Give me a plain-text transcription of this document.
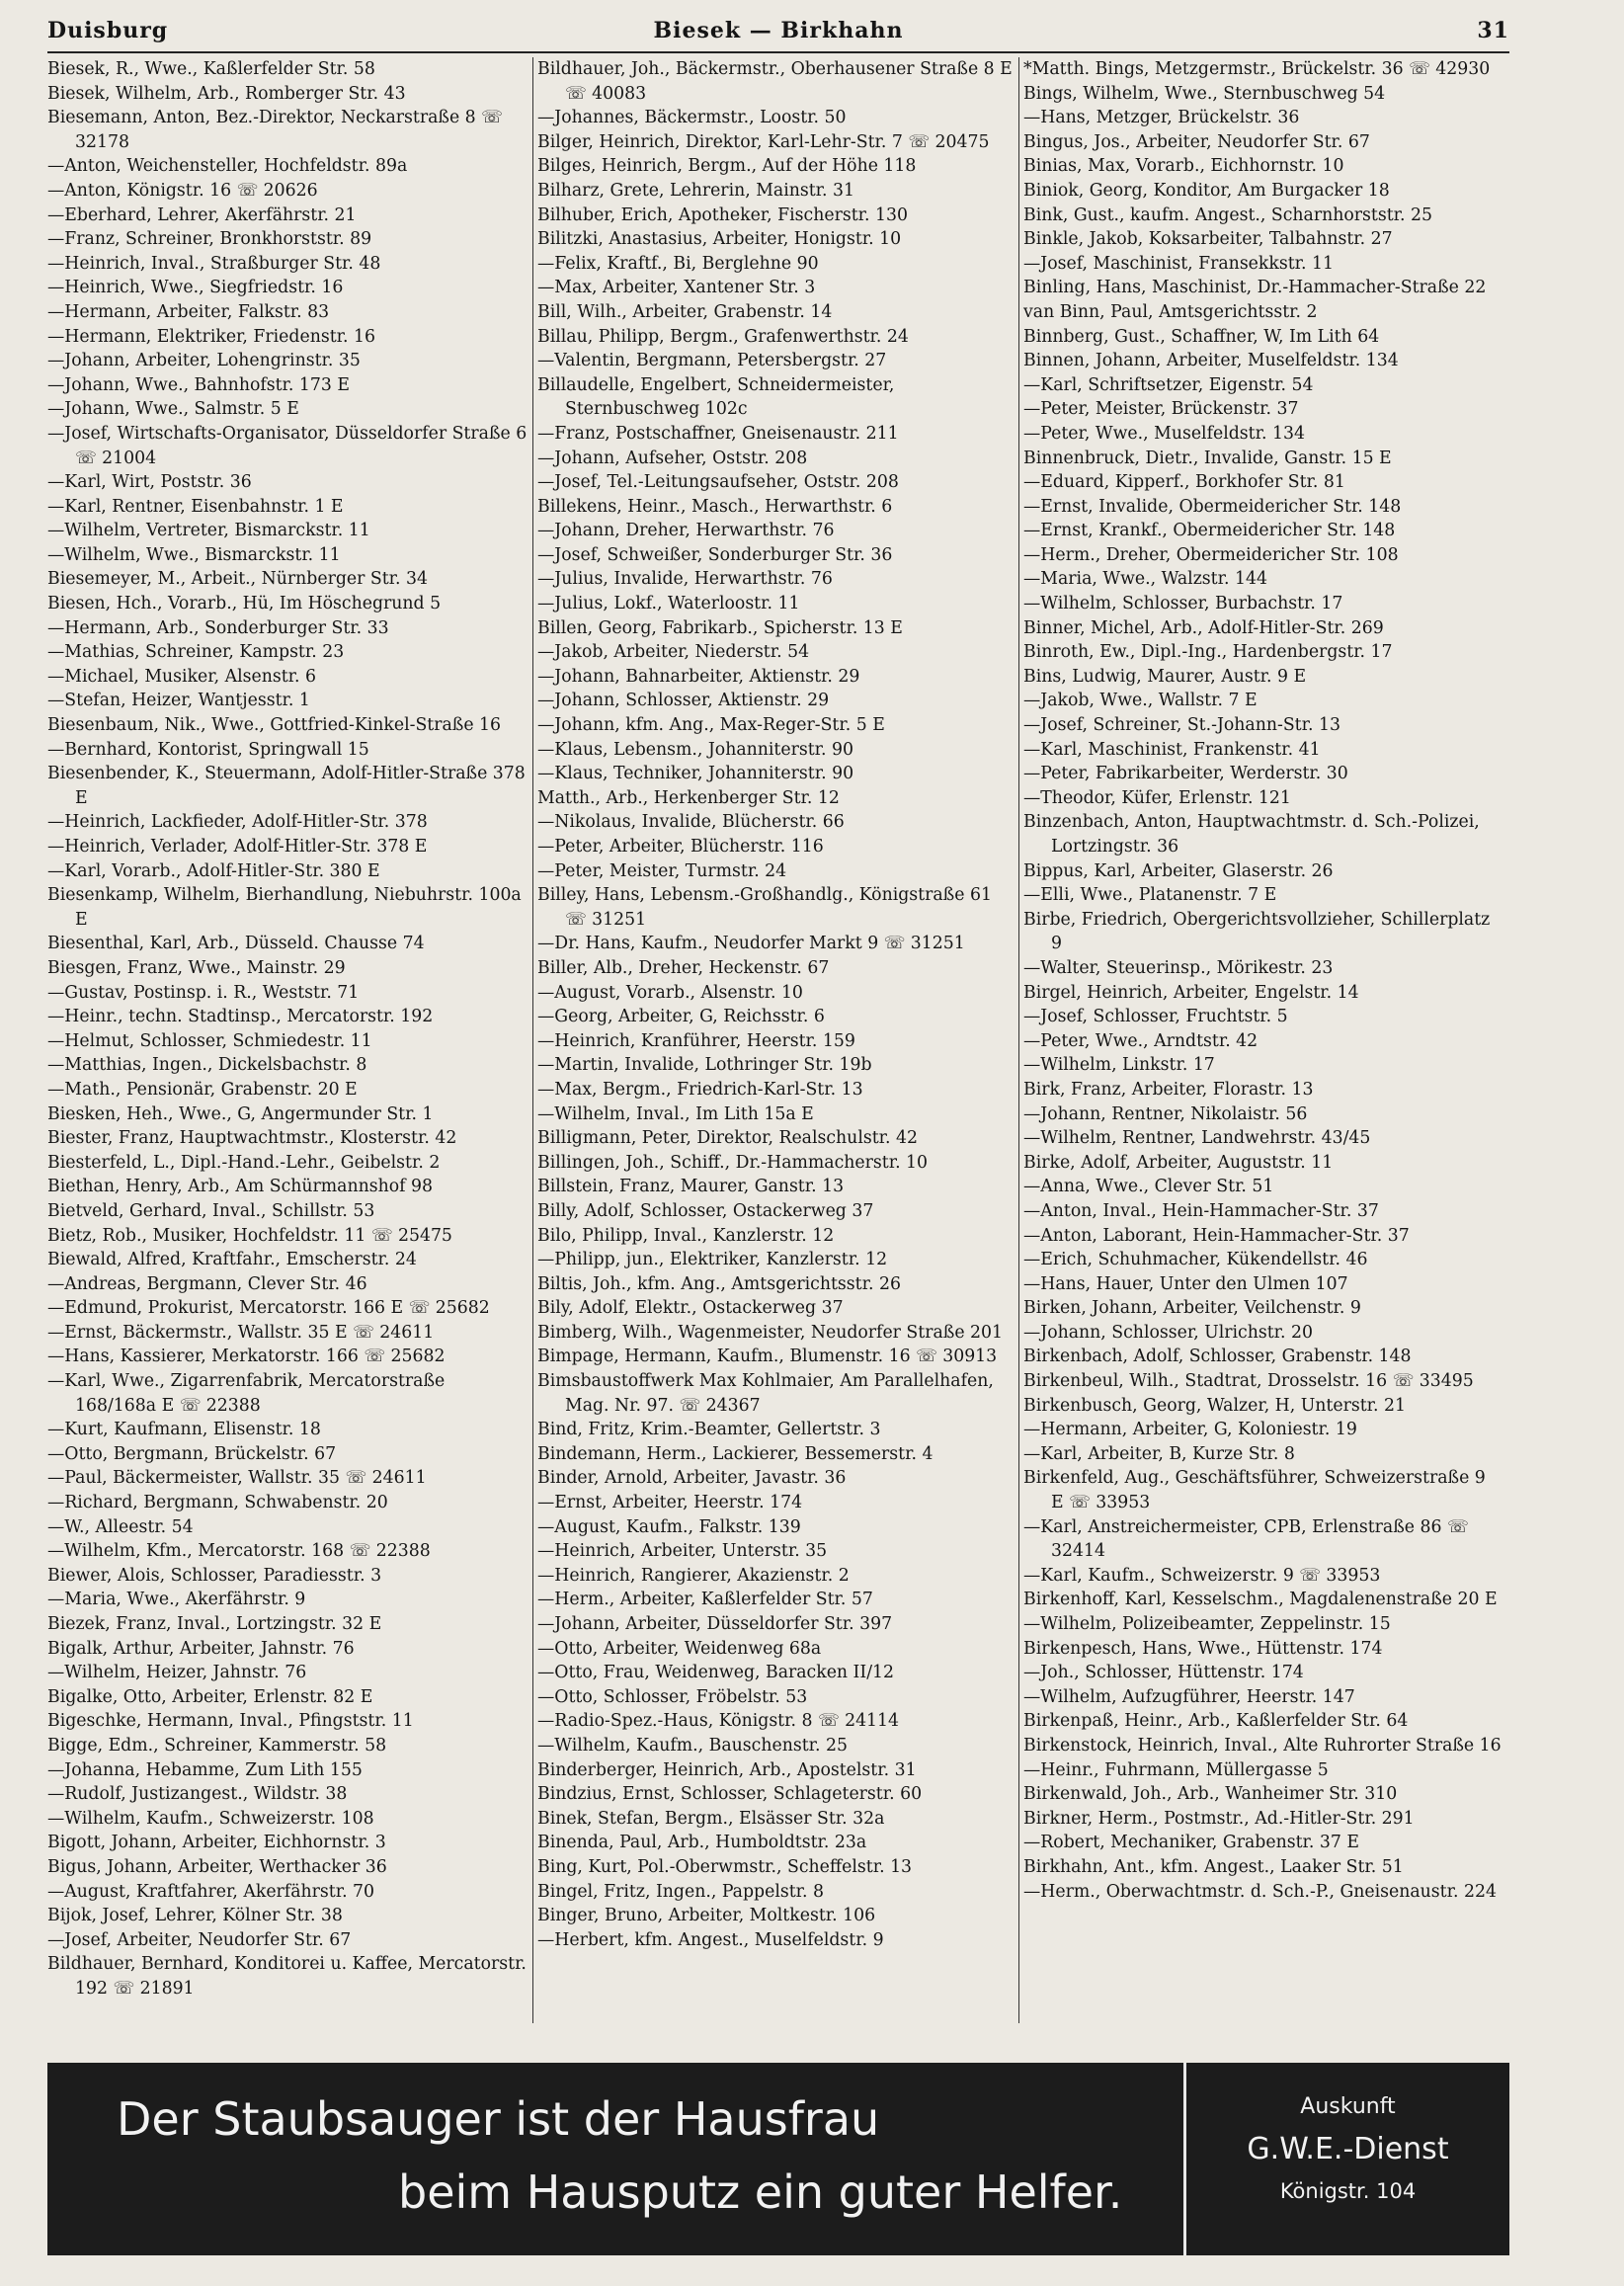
Duisburg	Biesek — Birkhahn	31
Biesek, R., Wwe., Kaßlerfelder Str. 58
Biesek, Wilhelm, Arb., Romberger Str. 43
Biesemann, Anton, Bez.-Direktor, Neckarstraße 8 ☏ 32178
—Anton, Weichensteller, Hochfeldstr. 89a
—Anton, Königstr. 16 ☏ 20626
—Eberhard, Lehrer, Akerfährstr. 21
—Franz, Schreiner, Bronkhorststr. 89
—Heinrich, Inval., Straßburger Str. 48
—Heinrich, Wwe., Siegfriedstr. 16
—Hermann, Arbeiter, Falkstr. 83
—Hermann, Elektriker, Friedenstr. 16
—Johann, Arbeiter, Lohengrinstr. 35
—Johann, Wwe., Bahnhofstr. 173 E
—Johann, Wwe., Salmstr. 5 E
—Josef, Wirtschafts-Organisator, Düsseldorfer Straße 6 ☏ 21004
—Karl, Wirt, Poststr. 36
—Karl, Rentner, Eisenbahnstr. 1 E
—Wilhelm, Vertreter, Bismarckstr. 11
—Wilhelm, Wwe., Bismarckstr. 11
Biesemeyer, M., Arbeit., Nürnberger Str. 34
Biesen, Hch., Vorarb., Hü, Im Höschegrund 5
—Hermann, Arb., Sonderburger Str. 33
—Mathias, Schreiner, Kampstr. 23
—Michael, Musiker, Alsenstr. 6
—Stefan, Heizer, Wantjesstr. 1
Biesenbaum, Nik., Wwe., Gottfried-Kinkel-Straße 16
—Bernhard, Kontorist, Springwall 15
Biesenbender, K., Steuermann, Adolf-Hitler-Straße 378 E
—Heinrich, Lackfieder, Adolf-Hitler-Str. 378
—Heinrich, Verlader, Adolf-Hitler-Str. 378 E
—Karl, Vorarb., Adolf-Hitler-Str. 380 E
Biesenkamp, Wilhelm, Bierhandlung, Niebuhrstr. 100a E
Biesenthal, Karl, Arb., Düsseld. Chausse 74
Biesgen, Franz, Wwe., Mainstr. 29
—Gustav, Postinsp. i. R., Weststr. 71
—Heinr., techn. Stadtinsp., Mercatorstr. 192
—Helmut, Schlosser, Schmiedestr. 11
—Matthias, Ingen., Dickelsbachstr. 8
—Math., Pensionär, Grabenstr. 20 E
Biesken, Heh., Wwe., G, Angermunder Str. 1
Biester, Franz, Hauptwachtmstr., Klosterstr. 42
Biesterfeld, L., Dipl.-Hand.-Lehr., Geibelstr. 2
Biethan, Henry, Arb., Am Schürmannshof 98
Bietveld, Gerhard, Inval., Schillstr. 53
Bietz, Rob., Musiker, Hochfeldstr. 11 ☏ 25475
Biewald, Alfred, Kraftfahr., Emscherstr. 24
—Andreas, Bergmann, Clever Str. 46
—Edmund, Prokurist, Mercatorstr. 166 E ☏ 25682
—Ernst, Bäckermstr., Wallstr. 35 E ☏ 24611
—Hans, Kassierer, Merkatorstr. 166 ☏ 25682
—Karl, Wwe., Zigarrenfabrik, Mercatorstraße 168/168a E ☏ 22388
—Kurt, Kaufmann, Elisenstr. 18
—Otto, Bergmann, Brückelstr. 67
—Paul, Bäckermeister, Wallstr. 35 ☏ 24611
—Richard, Bergmann, Schwabenstr. 20
—W., Alleestr. 54
—Wilhelm, Kfm., Mercatorstr. 168 ☏ 22388
Biewer, Alois, Schlosser, Paradiesstr. 3
—Maria, Wwe., Akerfährstr. 9
Biezek, Franz, Inval., Lortzingstr. 32 E
Bigalk, Arthur, Arbeiter, Jahnstr. 76
—Wilhelm, Heizer, Jahnstr. 76
Bigalke, Otto, Arbeiter, Erlenstr. 82 E
Bigeschke, Hermann, Inval., Pfingststr. 11
Bigge, Edm., Schreiner, Kammerstr. 58
—Johanna, Hebamme, Zum Lith 155
—Rudolf, Justizangest., Wildstr. 38
—Wilhelm, Kaufm., Schweizerstr. 108
Bigott, Johann, Arbeiter, Eichhornstr. 3
Bigus, Johann, Arbeiter, Werthacker 36
—August, Kraftfahrer, Akerfährstr. 70
Bijok, Josef, Lehrer, Kölner Str. 38
—Josef, Arbeiter, Neudorfer Str. 67
Bildhauer, Bernhard, Konditorei u. Kaffee, Mercatorstr. 192 ☏ 21891
Bildhauer, Joh., Bäckermstr., Oberhausener Straße 8 E ☏ 40083
—Johannes, Bäckermstr., Loostr. 50
Bilger, Heinrich, Direktor, Karl-Lehr-Str. 7 ☏ 20475
Bilges, Heinrich, Bergm., Auf der Höhe 118
Bilharz, Grete, Lehrerin, Mainstr. 31
Bilhuber, Erich, Apotheker, Fischerstr. 130
Bilitzki, Anastasius, Arbeiter, Honigstr. 10
—Felix, Kraftf., Bi, Berglehne 90
—Max, Arbeiter, Xantener Str. 3
Bill, Wilh., Arbeiter, Grabenstr. 14
Billau, Philipp, Bergm., Grafenwerthstr. 24
—Valentin, Bergmann, Petersbergstr. 27
Billaudelle, Engelbert, Schneidermeister, Sternbuschweg 102c
—Franz, Postschaffner, Gneisenaustr. 211
—Johann, Aufseher, Oststr. 208
—Josef, Tel.-Leitungsaufseher, Oststr. 208
Billekens, Heinr., Masch., Herwarthstr. 6
—Johann, Dreher, Herwarthstr. 76
—Josef, Schweißer, Sonderburger Str. 36
—Julius, Invalide, Herwarthstr. 76
—Julius, Lokf., Waterloostr. 11
Billen, Georg, Fabrikarb., Spicherstr. 13 E
—Jakob, Arbeiter, Niederstr. 54
—Johann, Bahnarbeiter, Aktienstr. 29
—Johann, Schlosser, Aktienstr. 29
—Johann, kfm. Ang., Max-Reger-Str. 5 E
—Klaus, Lebensm., Johanniterstr. 90
—Klaus, Techniker, Johanniterstr. 90
Matth., Arb., Herkenberger Str. 12
—Nikolaus, Invalide, Blücherstr. 66
—Peter, Arbeiter, Blücherstr. 116
—Peter, Meister, Turmstr. 24
Billey, Hans, Lebensm.-Großhandlg., Königstraße 61 ☏ 31251
—Dr. Hans, Kaufm., Neudorfer Markt 9 ☏ 31251
Biller, Alb., Dreher, Heckenstr. 67
—August, Vorarb., Alsenstr. 10
—Georg, Arbeiter, G, Reichsstr. 6
—Heinrich, Kranführer, Heerstr. 159
—Martin, Invalide, Lothringer Str. 19b
—Max, Bergm., Friedrich-Karl-Str. 13
—Wilhelm, Inval., Im Lith 15a E
Billigmann, Peter, Direktor, Realschulstr. 42
Billingen, Joh., Schiff., Dr.-Hammacherstr. 10
Billstein, Franz, Maurer, Ganstr. 13
Billy, Adolf, Schlosser, Ostackerweg 37
Bilo, Philipp, Inval., Kanzlerstr. 12
—Philipp, jun., Elektriker, Kanzlerstr. 12
Biltis, Joh., kfm. Ang., Amtsgerichtsstr. 26
Bily, Adolf, Elektr., Ostackerweg 37
Bimberg, Wilh., Wagenmeister, Neudorfer Straße 201
Bimpage, Hermann, Kaufm., Blumenstr. 16 ☏ 30913
Bimsbaustoffwerk Max Kohlmaier, Am Parallelhafen, Mag. Nr. 97. ☏ 24367
Bind, Fritz, Krim.-Beamter, Gellertstr. 3
Bindemann, Herm., Lackierer, Bessemerstr. 4
Binder, Arnold, Arbeiter, Javastr. 36
—Ernst, Arbeiter, Heerstr. 174
—August, Kaufm., Falkstr. 139
—Heinrich, Arbeiter, Unterstr. 35
—Heinrich, Rangierer, Akazienstr. 2
—Herm., Arbeiter, Kaßlerfelder Str. 57
—Johann, Arbeiter, Düsseldorfer Str. 397
—Otto, Arbeiter, Weidenweg 68a
—Otto, Frau, Weidenweg, Baracken II/12
—Otto, Schlosser, Fröbelstr. 53
—Radio-Spez.-Haus, Königstr. 8 ☏ 24114
—Wilhelm, Kaufm., Bauschenstr. 25
Binderberger, Heinrich, Arb., Apostelstr. 31
Bindzius, Ernst, Schlosser, Schlageterstr. 60
Binek, Stefan, Bergm., Elsässer Str. 32a
Binenda, Paul, Arb., Humboldtstr. 23a
Bing, Kurt, Pol.-Oberwmstr., Scheffelstr. 13
Bingel, Fritz, Ingen., Pappelstr. 8
Binger, Bruno, Arbeiter, Moltkestr. 106
—Herbert, kfm. Angest., Muselfeldstr. 9
*Matth. Bings, Metzgermstr., Brückelstr. 36 ☏ 42930
Bings, Wilhelm, Wwe., Sternbuschweg 54
—Hans, Metzger, Brückelstr. 36
Bingus, Jos., Arbeiter, Neudorfer Str. 67
Binias, Max, Vorarb., Eichhornstr. 10
Biniok, Georg, Konditor, Am Burgacker 18
Bink, Gust., kaufm. Angest., Scharnhorststr. 25
Binkle, Jakob, Koksarbeiter, Talbahnstr. 27
—Josef, Maschinist, Fransekkstr. 11
Binling, Hans, Maschinist, Dr.-Hammacher-Straße 22
van Binn, Paul, Amtsgerichtsstr. 2
Binnberg, Gust., Schaffner, W, Im Lith 64
Binnen, Johann, Arbeiter, Muselfeldstr. 134
—Karl, Schriftsetzer, Eigenstr. 54
—Peter, Meister, Brückenstr. 37
—Peter, Wwe., Muselfeldstr. 134
Binnenbruck, Dietr., Invalide, Ganstr. 15 E
—Eduard, Kipperf., Borkhofer Str. 81
—Ernst, Invalide, Obermeidericher Str. 148
—Ernst, Krankf., Obermeidericher Str. 148
—Herm., Dreher, Obermeidericher Str. 108
—Maria, Wwe., Walzstr. 144
—Wilhelm, Schlosser, Burbachstr. 17
Binner, Michel, Arb., Adolf-Hitler-Str. 269
Binroth, Ew., Dipl.-Ing., Hardenbergstr. 17
Bins, Ludwig, Maurer, Austr. 9 E
—Jakob, Wwe., Wallstr. 7 E
—Josef, Schreiner, St.-Johann-Str. 13
—Karl, Maschinist, Frankenstr. 41
—Peter, Fabrikarbeiter, Werderstr. 30
—Theodor, Küfer, Erlenstr. 121
Binzenbach, Anton, Hauptwachtmstr. d. Sch.-Polizei, Lortzingstr. 36
Bippus, Karl, Arbeiter, Glaserstr. 26
—Elli, Wwe., Platanenstr. 7 E
Birbe, Friedrich, Obergerichtsvollzieher, Schillerplatz 9
—Walter, Steuerinsp., Mörikestr. 23
Birgel, Heinrich, Arbeiter, Engelstr. 14
—Josef, Schlosser, Fruchtstr. 5
—Peter, Wwe., Arndtstr. 42
—Wilhelm, Linkstr. 17
Birk, Franz, Arbeiter, Florastr. 13
—Johann, Rentner, Nikolaistr. 56
—Wilhelm, Rentner, Landwehrstr. 43/45
Birke, Adolf, Arbeiter, Auguststr. 11
—Anna, Wwe., Clever Str. 51
—Anton, Inval., Hein-Hammacher-Str. 37
—Anton, Laborant, Hein-Hammacher-Str. 37
—Erich, Schuhmacher, Kükendellstr. 46
—Hans, Hauer, Unter den Ulmen 107
Birken, Johann, Arbeiter, Veilchenstr. 9
—Johann, Schlosser, Ulrichstr. 20
Birkenbach, Adolf, Schlosser, Grabenstr. 148
Birkenbeul, Wilh., Stadtrat, Drosselstr. 16 ☏ 33495
Birkenbusch, Georg, Walzer, H, Unterstr. 21
—Hermann, Arbeiter, G, Koloniestr. 19
—Karl, Arbeiter, B, Kurze Str. 8
Birkenfeld, Aug., Geschäftsführer, Schweizerstraße 9 E ☏ 33953
—Karl, Anstreichermeister, CPB, Erlenstraße 86 ☏ 32414
—Karl, Kaufm., Schweizerstr. 9 ☏ 33953
Birkenhoff, Karl, Kesselschm., Magdalenenstraße 20 E
—Wilhelm, Polizeibeamter, Zeppelinstr. 15
Birkenpesch, Hans, Wwe., Hüttenstr. 174
—Joh., Schlosser, Hüttenstr. 174
—Wilhelm, Aufzugführer, Heerstr. 147
Birkenpaß, Heinr., Arb., Kaßlerfelder Str. 64
Birkenstock, Heinrich, Inval., Alte Ruhrorter Straße 16
—Heinr., Fuhrmann, Müllergasse 5
Birkenwald, Joh., Arb., Wanheimer Str. 310
Birkner, Herm., Postmstr., Ad.-Hitler-Str. 291
—Robert, Mechaniker, Grabenstr. 37 E
Birkhahn, Ant., kfm. Angest., Laaker Str. 51
—Herm., Oberwachtmstr. d. Sch.-P., Gneisenaustr. 224
Der Staubsauger ist der Hausfrau
beim Hausputz ein guter Helfer.
Auskunft
G.W.E.-Dienst
Königstr. 104
